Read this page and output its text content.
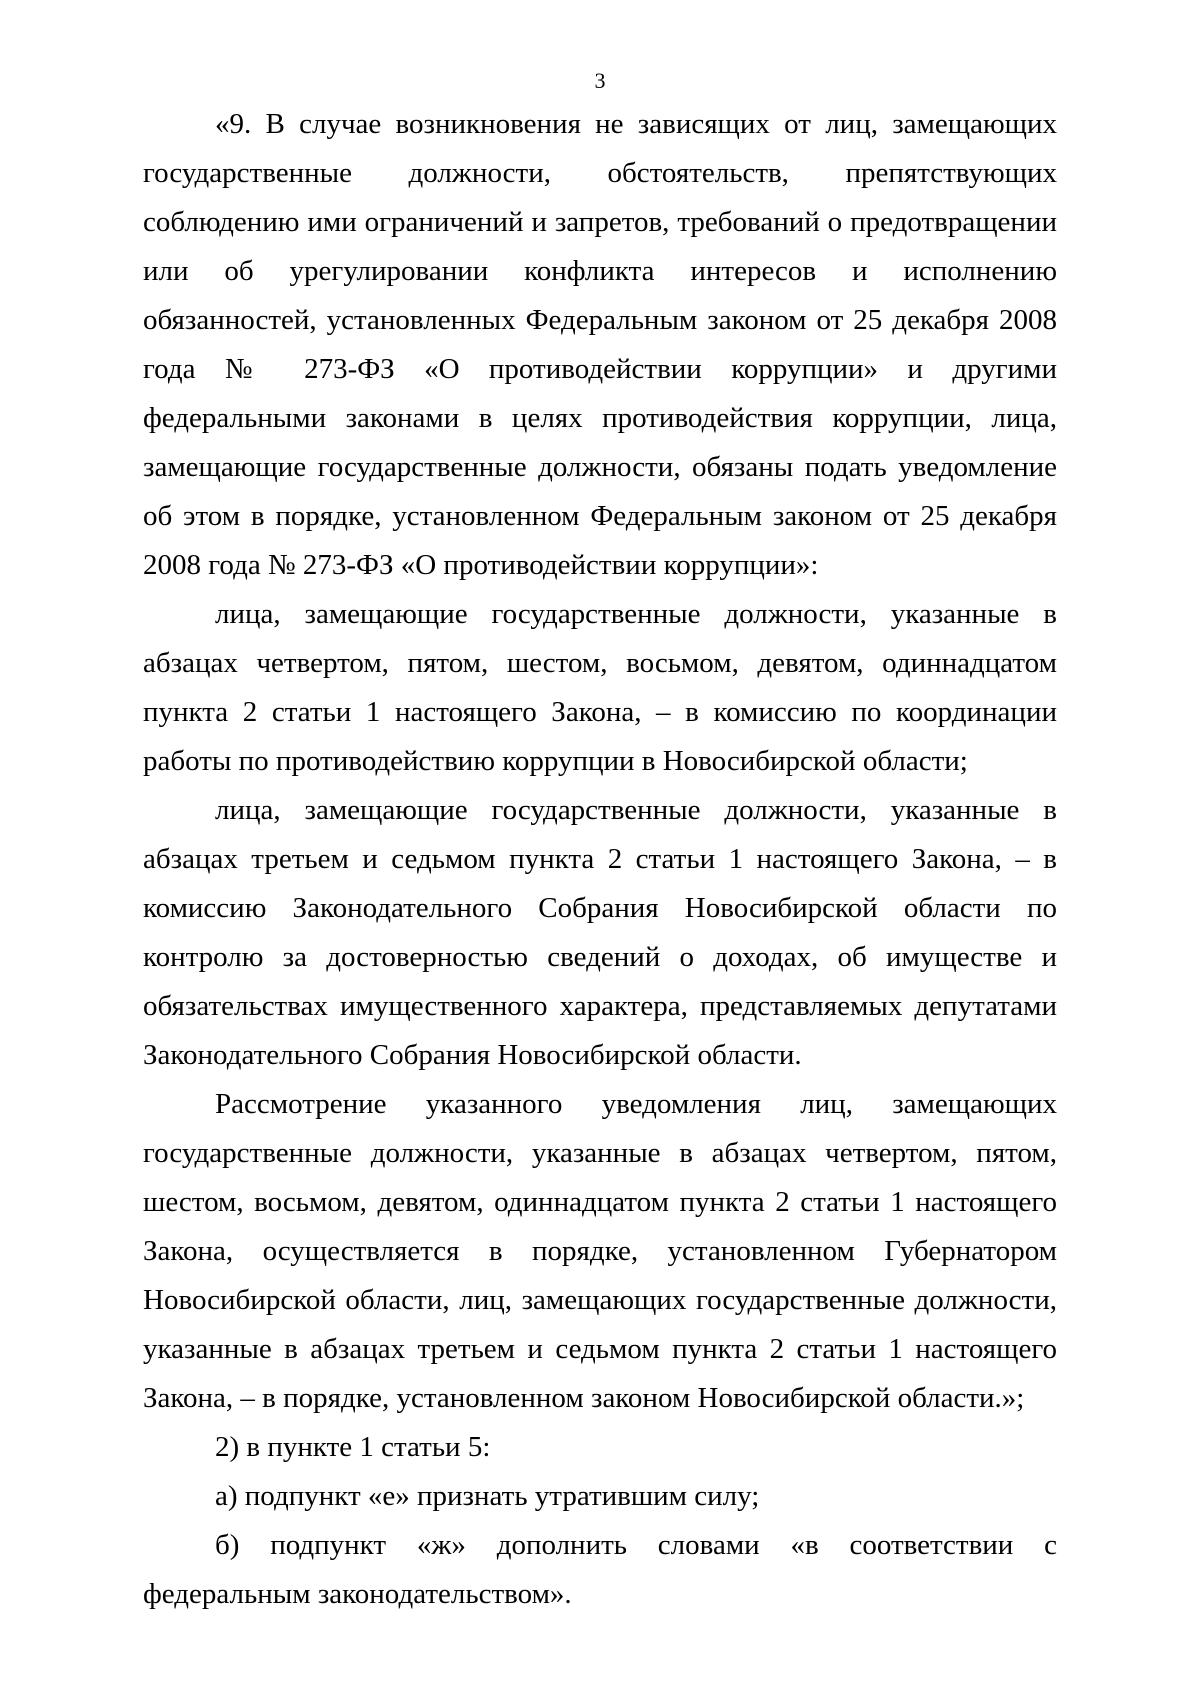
3

«9. В случае возникновения не зависящих от лиц, замещающих государственные должности, обстоятельств, препятствующих соблюдению ими ограничений и запретов, требований о предотвращении или об урегулировании конфликта интересов и исполнению обязанностей, установленных Федеральным законом от 25 декабря 2008 года № 273-ФЗ «О противодействии коррупции» и другими федеральными законами в целях противодействия коррупции, лица, замещающие государственные должности, обязаны подать уведомление об этом в порядке, установленном Федеральным законом от 25 декабря 2008 года № 273-ФЗ «О противодействии коррупции»:

лица, замещающие государственные должности, указанные в абзацах четвертом, пятом, шестом, восьмом, девятом, одиннадцатом пункта 2 статьи 1 настоящего Закона, – в комиссию по координации работы по противодействию коррупции в Новосибирской области;

лица, замещающие государственные должности, указанные в абзацах третьем и седьмом пункта 2 статьи 1 настоящего Закона, – в комиссию Законодательного Собрания Новосибирской области по контролю за достоверностью сведений о доходах, об имуществе и обязательствах имущественного характера, представляемых депутатами Законодательного Собрания Новосибирской области.

Рассмотрение указанного уведомления лиц, замещающих государственные должности, указанные в абзацах четвертом, пятом, шестом, восьмом, девятом, одиннадцатом пункта 2 статьи 1 настоящего Закона, осуществляется в порядке, установленном Губернатором Новосибирской области, лиц, замещающих государственные должности, указанные в абзацах третьем и седьмом пункта 2 статьи 1 настоящего Закона, – в порядке, установленном законом Новосибирской области.»;

2) в пункте 1 статьи 5:

а) подпункт «е» признать утратившим силу;

б) подпункт «ж» дополнить словами «в соответствии с федеральным законодательством».
